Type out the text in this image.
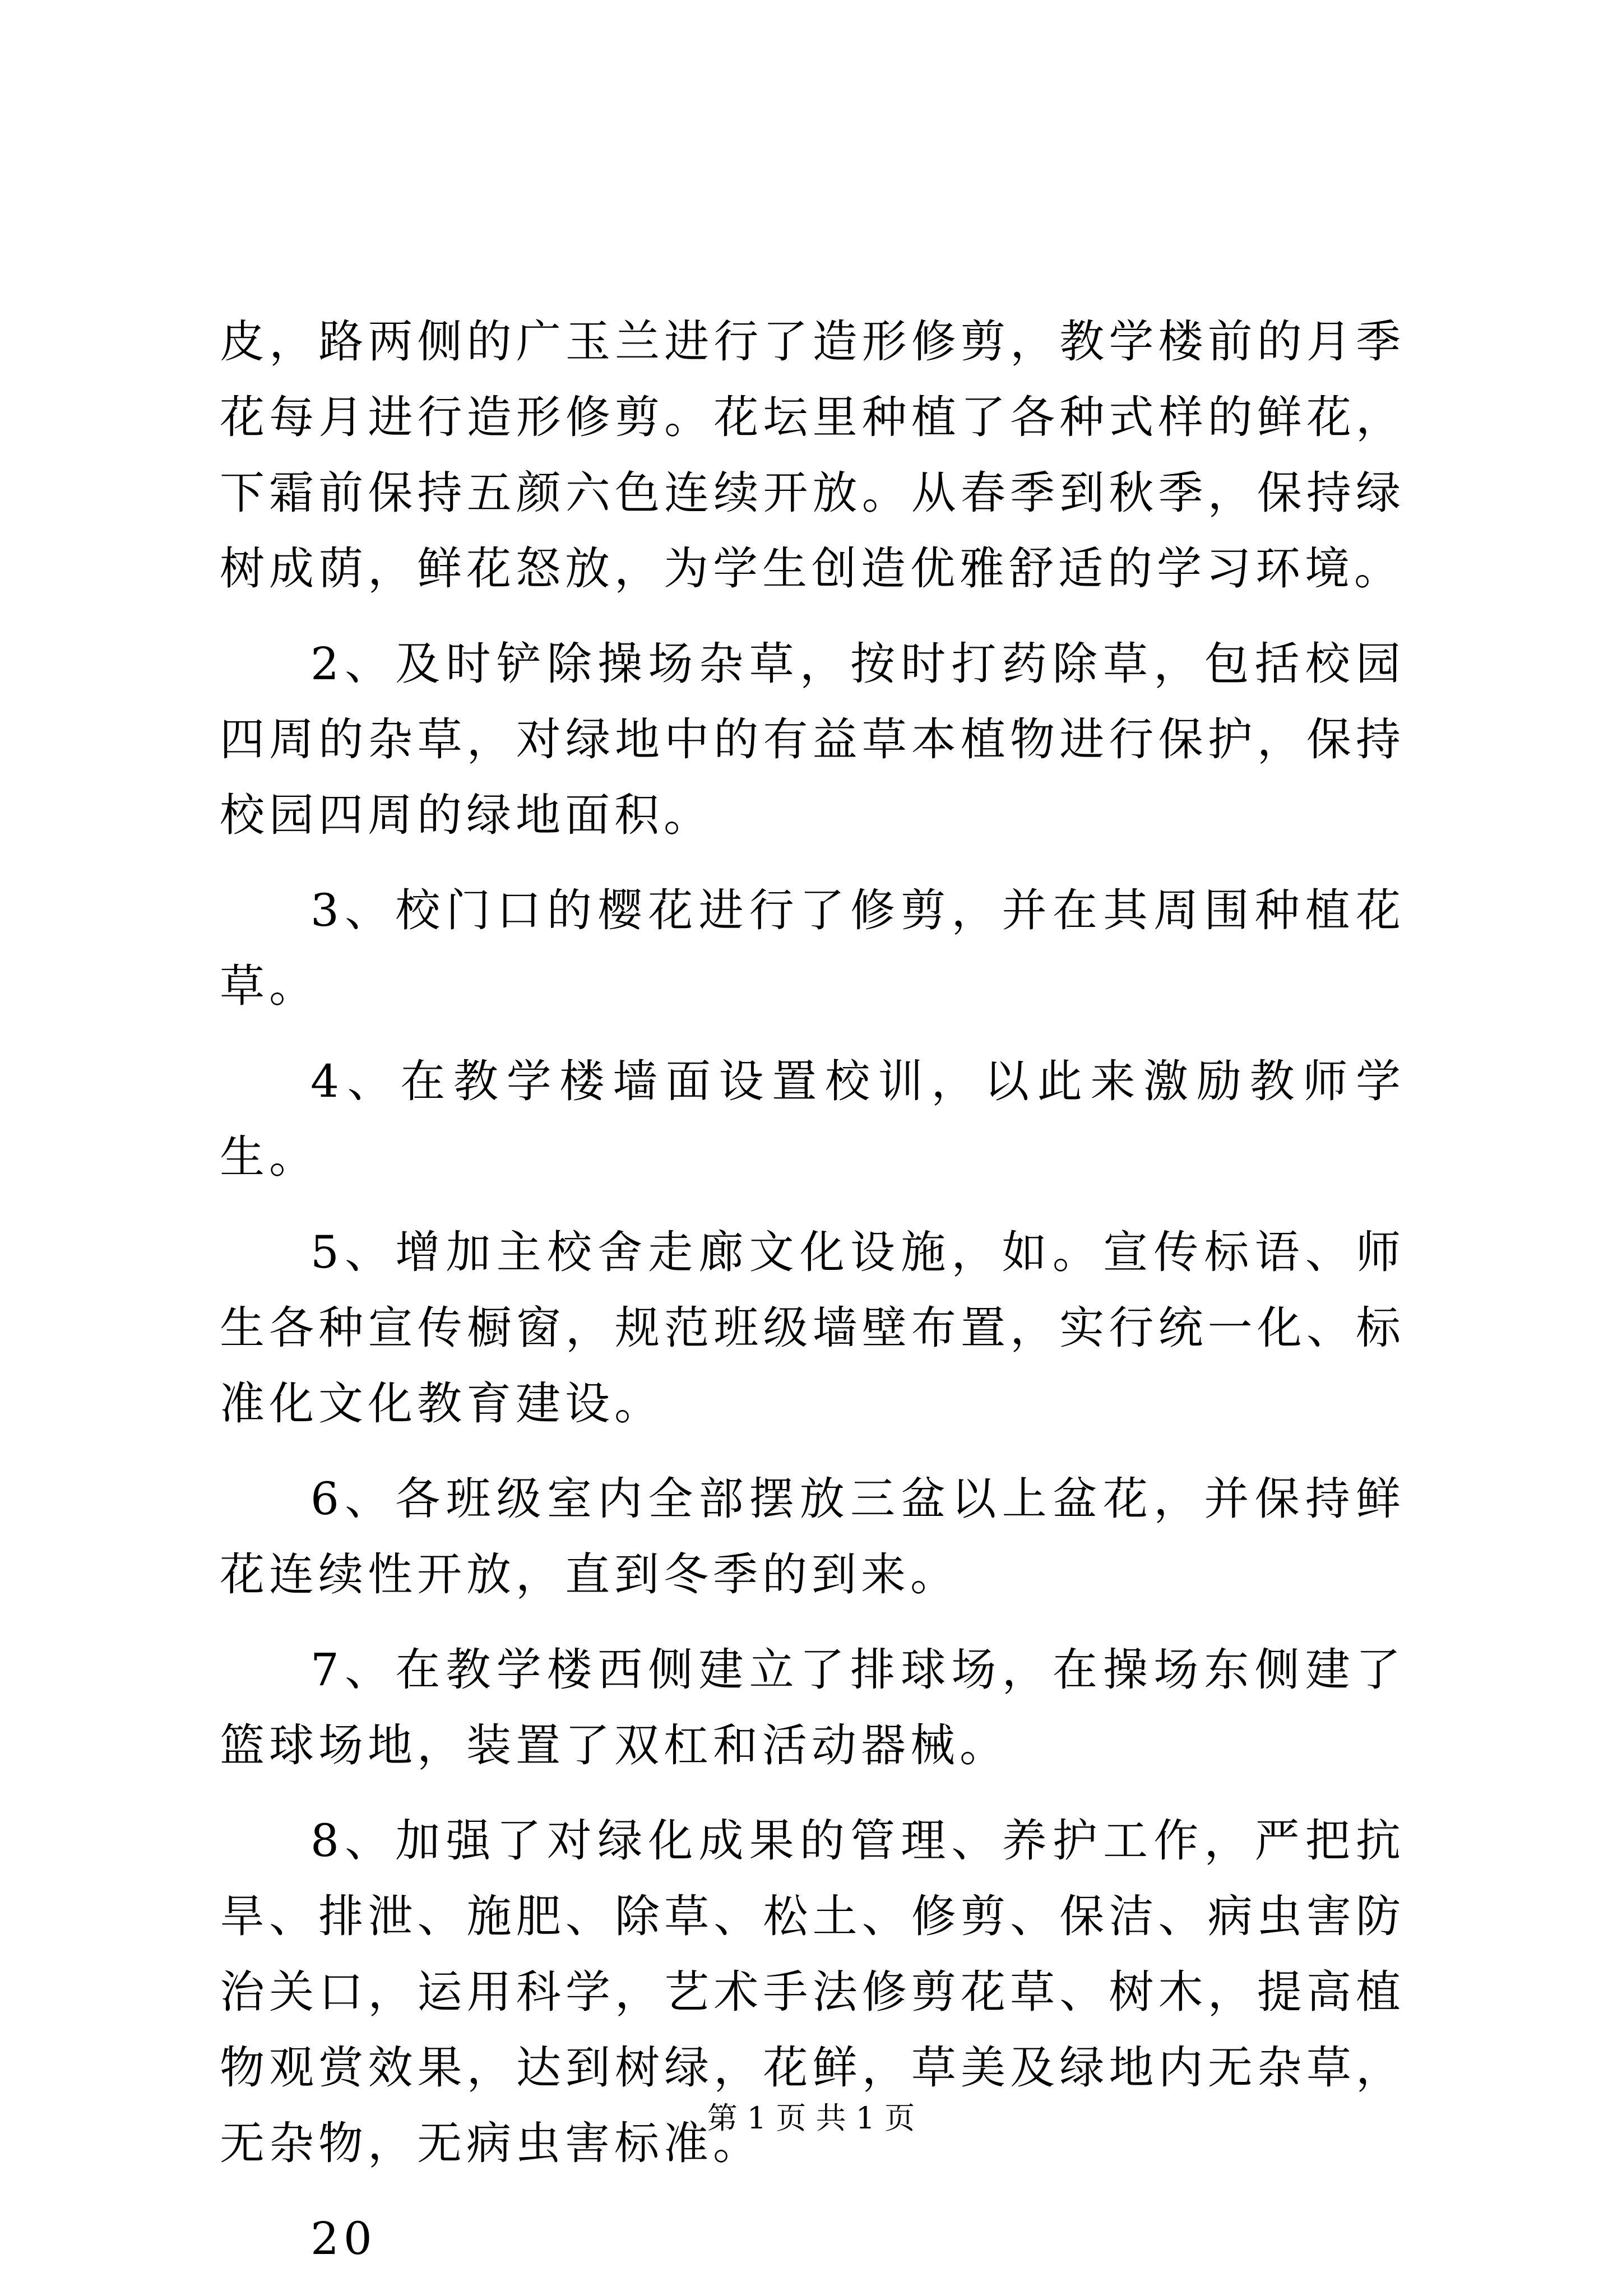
皮，路两侧的广玉兰进行了造形修剪，教学楼前的月季花每月进行造形修剪。花坛里种植了各种式样的鲜花，下霜前保持五颜六色连续开放。从春季到秋季，保持绿树成荫，鲜花怒放，为学生创造优雅舒适的学习环境。

2、及时铲除操场杂草，按时打药除草，包括校园四周的杂草，对绿地中的有益草本植物进行保护，保持校园四周的绿地面积。

3、校门口的樱花进行了修剪，并在其周围种植花草。

4、在教学楼墙面设置校训，以此来激励教师学生。

5、增加主校舍走廊文化设施，如。宣传标语、师生各种宣传橱窗，规范班级墙壁布置，实行统一化、标准化文化教育建设。

6、各班级室内全部摆放三盆以上盆花，并保持鲜花连续性开放，直到冬季的到来。

7、在教学楼西侧建立了排球场，在操场东侧建了篮球场地，装置了双杠和活动器械。

8、加强了对绿化成果的管理、养护工作，严把抗旱、排泄、施肥、除草、松土、修剪、保洁、病虫害防治关口，运用科学，艺术手法修剪花草、树木，提高植物观赏效果，达到树绿，花鲜，草美及绿地内无杂草，无杂物，无病虫害标准。

20

第 1 页 共 1 页
